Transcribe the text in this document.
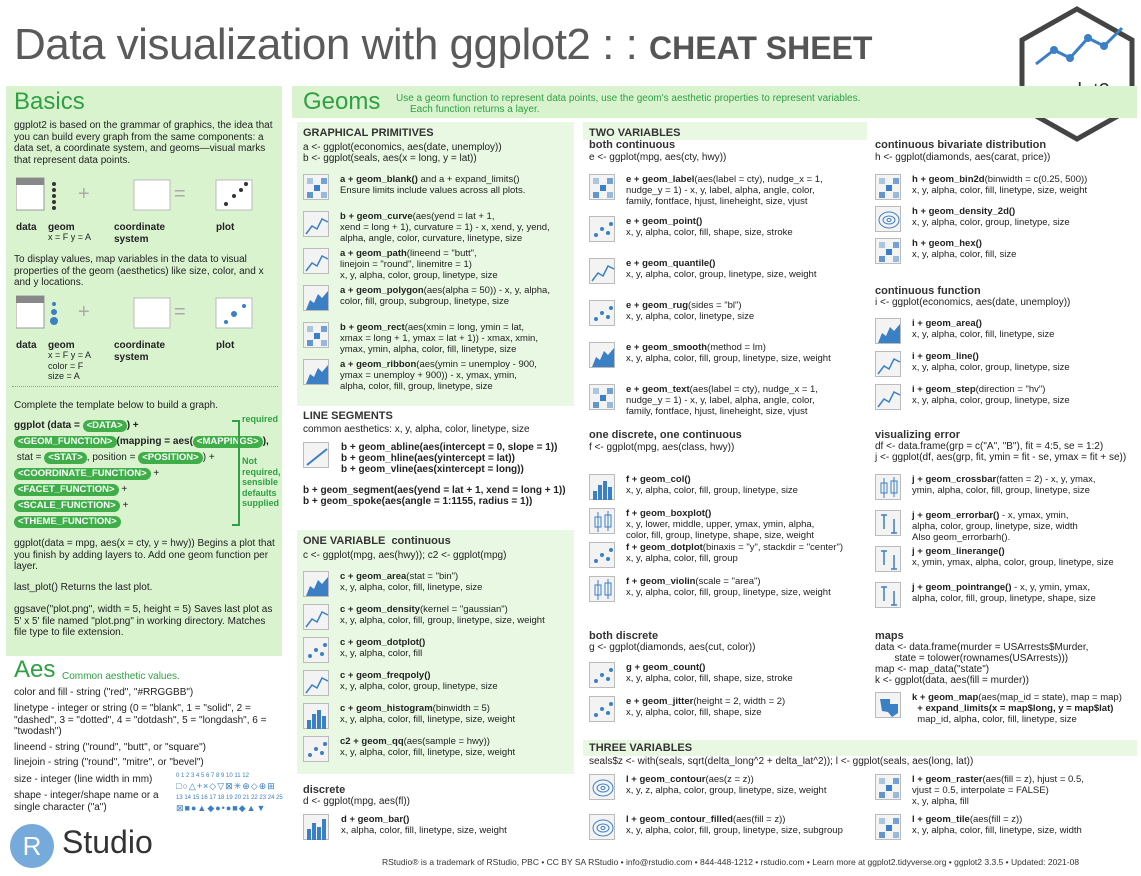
Data visualization with ggplot2 : : CHEAT SHEET
Basics
ggplot2 is based on the grammar of graphics, the idea that you can build every graph from the same components: a data set, a coordinate system, and geoms—visual marks that represent data points.
+	=
data geom
x = F y = A
coordinate system
plot
To display values, map variables in the data to visual properties of the geom (aesthetics) like size, color, and x and y locations.
+	=
data geom
x = F y = A color = F size = A
coordinate system
plot
Complete the template below to build a graph.
ggplot (data = <DATA> ) +
<GEOM_FUNCTION> (mapping = aes( <MAPPINGS> ),
stat = <STAT> , position = <POSITION> ) +
<COORDINATE_FUNCTION> +
<FACET_FUNCTION> +
<SCALE_FUNCTION> +
<THEME_FUNCTION>
required
Not required, sensible defaults supplied
ggplot(data = mpg, aes(x = cty, y = hwy)) Begins a plot that you finish by adding layers to. Add one geom function per layer.
last_plot() Returns the last plot.
ggsave("plot.png", width = 5, height = 5) Saves last plot as 5' x 5' file named "plot.png" in working directory. Matches file type to file extension.
Aes Common aesthetic values.
color and fill - string ("red", "#RRGGBB")
linetype - integer or string (0 = "blank", 1 = "solid", 2 = "dashed", 3 = "dotted", 4 = "dotdash", 5 = "longdash", 6 = "twodash")
lineend - string ("round", "butt", or "square")
linejoin - string ("round", "mitre", or "bevel")
size - integer (line width in mm)
shape - integer/shape name or a single character ("a")
0 1 2 3 4 5 6 7 8 9 10 11 12
□○△+×◇▽⊠✳⊕◇⊕⊞
13 14 15 16 17 18 19 20 21 22 23 24 25
⊠■●▲◆●•●■◆▲▼
Geoms Use a geom function to represent data points, use the geom's aesthetic properties to represent variables.
Each function returns a layer.
GRAPHICAL PRIMITIVES
a <- ggplot(economics, aes(date, unemploy))
b <- ggplot(seals, aes(x = long, y = lat))
a + geom_blank() and a + expand_limits()
Ensure limits include values across all plots.
b + geom_curve(aes(yend = lat + 1,
xend = long + 1), curvature = 1) - x, xend, y, yend,
alpha, angle, color, curvature, linetype, size
a + geom_path(lineend = "butt",
linejoin = "round", linemitre = 1)
x, y, alpha, color, group, linetype, size
a + geom_polygon(aes(alpha = 50)) - x, y, alpha,
color, fill, group, subgroup, linetype, size
b + geom_rect(aes(xmin = long, ymin = lat,
xmax = long + 1, ymax = lat + 1)) - xmax, xmin,
ymax, ymin, alpha, color, fill, linetype, size
a + geom_ribbon(aes(ymin = unemploy - 900,
ymax = unemploy + 900)) - x, ymax, ymin,
alpha, color, fill, group, linetype, size
LINE SEGMENTS
common aesthetics: x, y, alpha, color, linetype, size
b + geom_abline(aes(intercept = 0, slope = 1))
b + geom_hline(aes(yintercept = lat))
b + geom_vline(aes(xintercept = long))
b + geom_segment(aes(yend = lat + 1, xend = long + 1))
b + geom_spoke(aes(angle = 1:1155, radius = 1))
ONE VARIABLE continuous
c <- ggplot(mpg, aes(hwy)); c2 <- ggplot(mpg)
c + geom_area(stat = "bin")
x, y, alpha, color, fill, linetype, size
c + geom_density(kernel = "gaussian")
x, y, alpha, color, fill, group, linetype, size, weight
c + geom_dotplot()
x, y, alpha, color, fill
c + geom_freqpoly()
x, y, alpha, color, group, linetype, size
c + geom_histogram(binwidth = 5)
x, y, alpha, color, fill, linetype, size, weight
c2 + geom_qq(aes(sample = hwy))
x, y, alpha, color, fill, linetype, size, weight
discrete
d <- ggplot(mpg, aes(fl))
d + geom_bar()
x, alpha, color, fill, linetype, size, weight
TWO VARIABLES
both continuous
e <- ggplot(mpg, aes(cty, hwy))
e + geom_label(aes(label = cty), nudge_x = 1,
nudge_y = 1) - x, y, label, alpha, angle, color,
family, fontface, hjust, lineheight, size, vjust
e + geom_point()
x, y, alpha, color, fill, shape, size, stroke
e + geom_quantile()
x, y, alpha, color, group, linetype, size, weight
e + geom_rug(sides = "bl")
x, y, alpha, color, linetype, size
e + geom_smooth(method = lm)
x, y, alpha, color, fill, group, linetype, size, weight
e + geom_text(aes(label = cty), nudge_x = 1,
nudge_y = 1) - x, y, label, alpha, angle, color,
family, fontface, hjust, lineheight, size, vjust
one discrete, one continuous
f <- ggplot(mpg, aes(class, hwy))
f + geom_col()
x, y, alpha, color, fill, group, linetype, size
f + geom_boxplot()
x, y, lower, middle, upper, ymax, ymin, alpha,
color, fill, group, linetype, shape, size, weight
f + geom_dotplot(binaxis = "y", stackdir = "center")
x, y, alpha, color, fill, group
f + geom_violin(scale = "area")
x, y, alpha, color, fill, group, linetype, size, weight
both discrete
g <- ggplot(diamonds, aes(cut, color))
g + geom_count()
x, y, alpha, color, fill, shape, size, stroke
e + geom_jitter(height = 2, width = 2)
x, y, alpha, color, fill, shape, size
continuous bivariate distribution
h <- ggplot(diamonds, aes(carat, price))
h + geom_bin2d(binwidth = c(0.25, 500))
x, y, alpha, color, fill, linetype, size, weight
h + geom_density_2d()
x, y, alpha, color, group, linetype, size
h + geom_hex()
x, y, alpha, color, fill, size
continuous function
i <- ggplot(economics, aes(date, unemploy))
i + geom_area()
x, y, alpha, color, fill, linetype, size
i + geom_line()
x, y, alpha, color, group, linetype, size
i + geom_step(direction = "hv")
x, y, alpha, color, group, linetype, size
visualizing error
df <- data.frame(grp = c("A", "B"), fit = 4:5, se = 1:2)
j <- ggplot(df, aes(grp, fit, ymin = fit - se, ymax = fit + se))
j + geom_crossbar(fatten = 2) - x, y, ymax,
ymin, alpha, color, fill, group, linetype, size
j + geom_errorbar() - x, ymax, ymin,
alpha, color, group, linetype, size, width
Also geom_errorbarh().
j + geom_linerange()
x, ymin, ymax, alpha, color, group, linetype, size
j + geom_pointrange() - x, y, ymin, ymax,
alpha, color, fill, group, linetype, shape, size
maps
data <- data.frame(murder = USArrests$Murder,
state = tolower(rownames(USArrests)))
map <- map_data("state")
k <- ggplot(data, aes(fill = murder))
k + geom_map(aes(map_id = state), map = map)
+ expand_limits(x = map$long, y = map$lat)
map_id, alpha, color, fill, linetype, size
THREE VARIABLES
seals$z <- with(seals, sqrt(delta_long^2 + delta_lat^2)); l <- ggplot(seals, aes(long, lat))
l + geom_contour(aes(z = z))
x, y, z, alpha, color, group, linetype, size, weight
l + geom_contour_filled(aes(fill = z))
x, y, alpha, color, fill, group, linetype, size, subgroup
l + geom_raster(aes(fill = z), hjust = 0.5,
vjust = 0.5, interpolate = FALSE)
x, y, alpha, fill
l + geom_tile(aes(fill = z))
x, y, alpha, color, fill, linetype, size, width
R Studio
RStudio® is a trademark of RStudio, PBC • CC BY SA RStudio • info@rstudio.com • 844-448-1212 • rstudio.com • Learn more at ggplot2.tidyverse.org • ggplot2 3.3.5 • Updated: 2021-08
